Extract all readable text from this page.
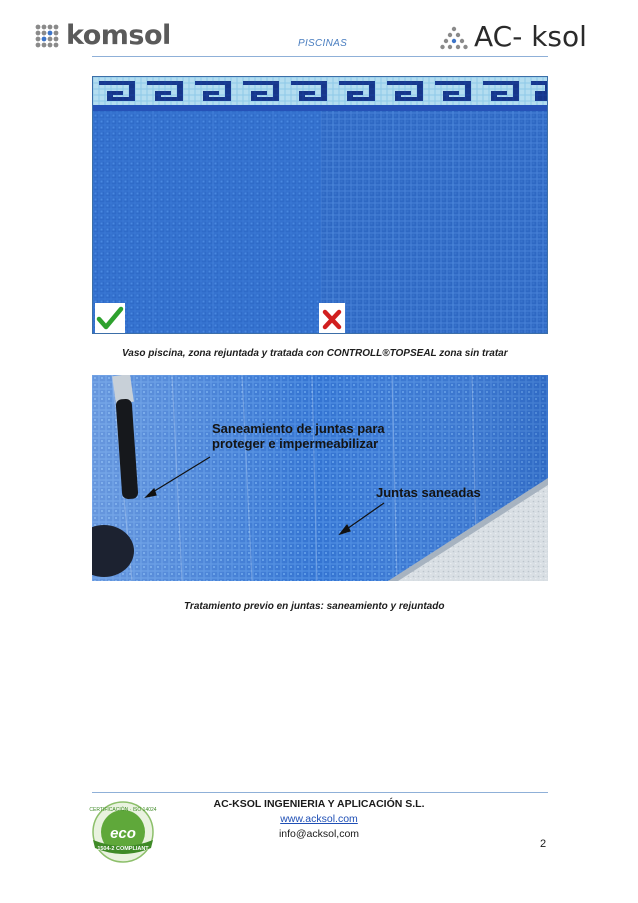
komsol	PISCINAS	AC- ksol
Vaso piscina, zona rejuntada y tratada con CONTROLL®TOPSEAL zona sin tratar
Saneamiento de juntas para
proteger e impermeabilizar
Juntas saneadas
Tratamiento previo en juntas: saneamiento y rejuntado
eco
CERTIFICACIÓN · ISO 14024
1504-2 COMPLIANT
AC-KSOL INGENIERIA Y APLICACIÓN S.L.
www.acksol.com
info@acksol,com
2
